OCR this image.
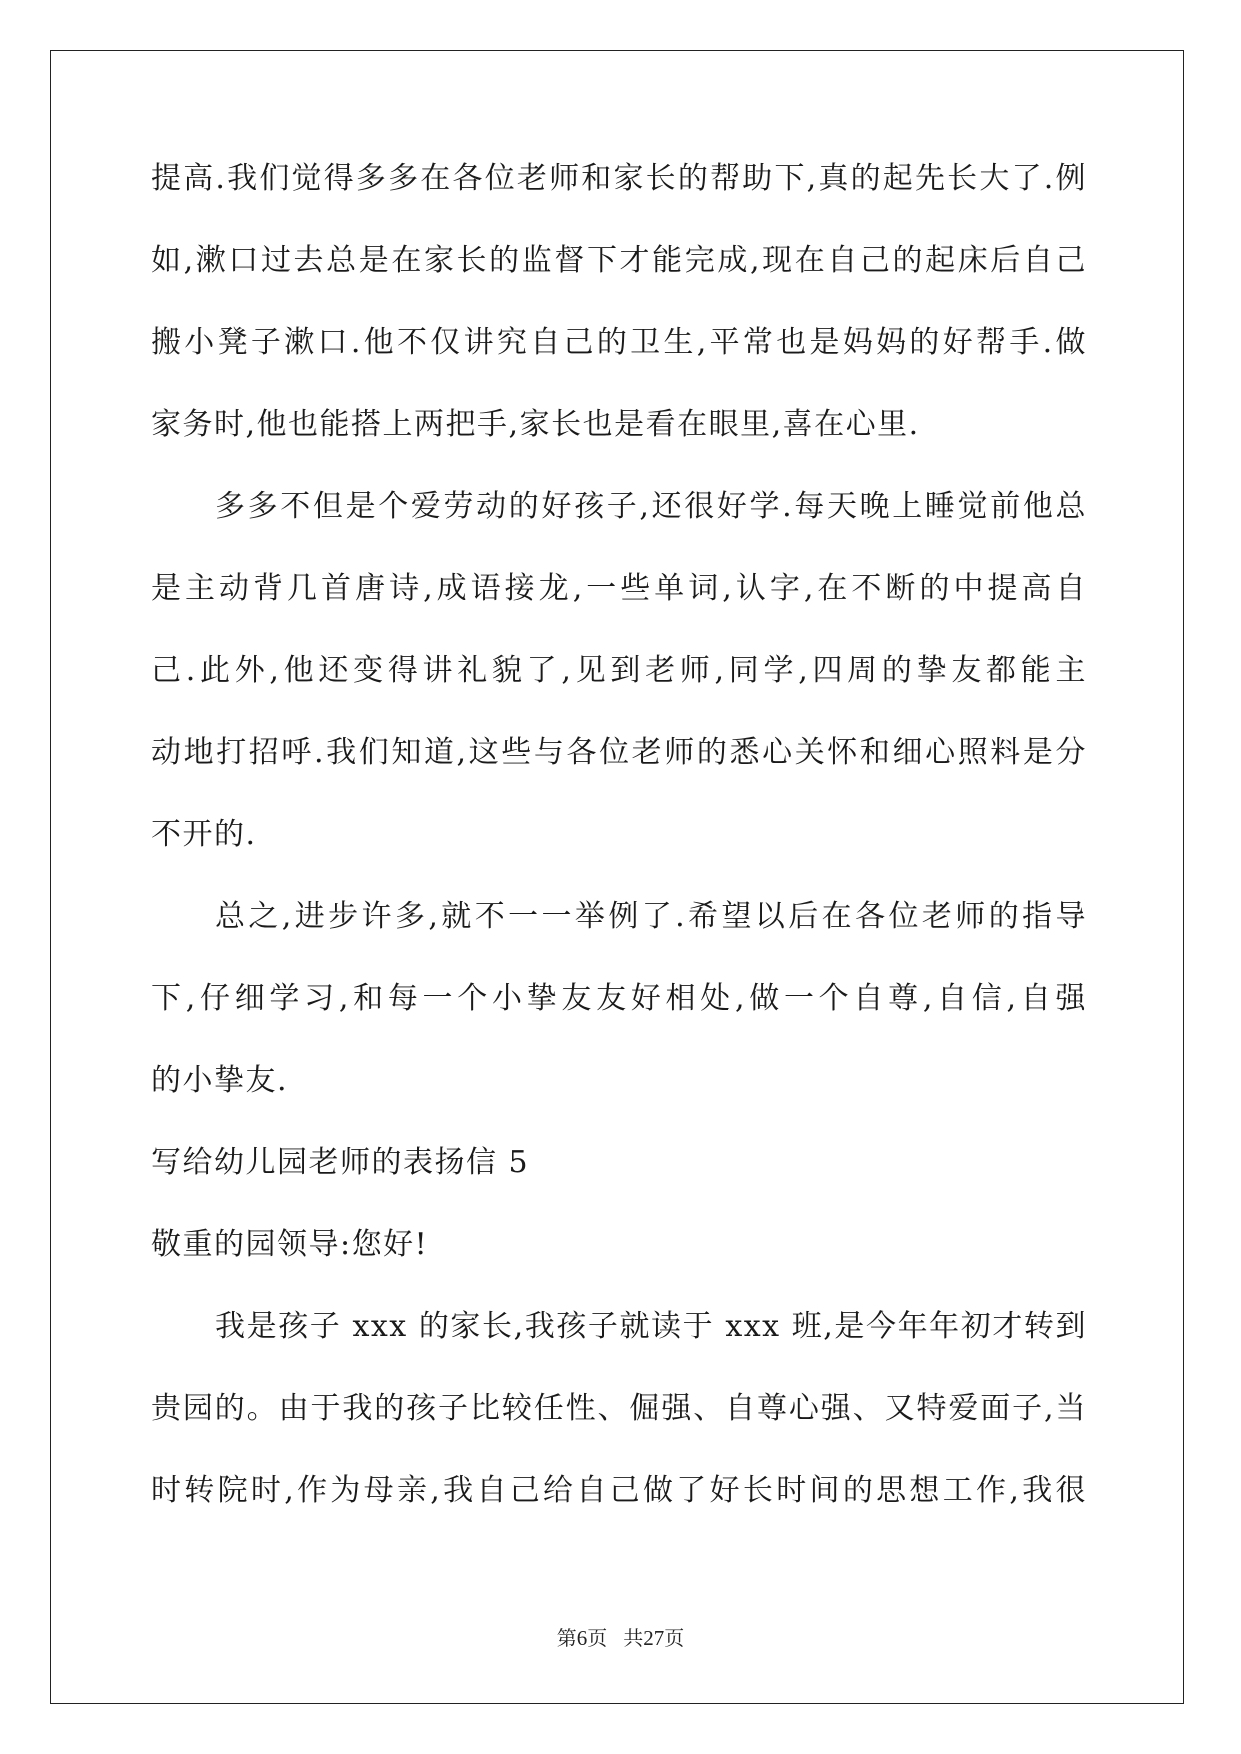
提高.我们觉得多多在各位老师和家长的帮助下,真的起先长大了.例
如,漱口过去总是在家长的监督下才能完成,现在自己的起床后自己
搬小凳子漱口.他不仅讲究自己的卫生,平常也是妈妈的好帮手.做
家务时,他也能搭上两把手,家长也是看在眼里,喜在心里.
多多不但是个爱劳动的好孩子,还很好学.每天晚上睡觉前他总
是主动背几首唐诗,成语接龙,一些单词,认字,在不断的中提高自
己.此外,他还变得讲礼貌了,见到老师,同学,四周的挚友都能主
动地打招呼.我们知道,这些与各位老师的悉心关怀和细心照料是分
不开的.
总之,进步许多,就不一一举例了.希望以后在各位老师的指导
下,仔细学习,和每一个小挚友友好相处,做一个自尊,自信,自强
的小挚友.
写给幼儿园老师的表扬信 5
敬重的园领导:您好!
我是孩子 xxx 的家长,我孩子就读于 xxx 班,是今年年初才转到
贵园的。由于我的孩子比较任性、倔强、自尊心强、又特爱面子,当
时转院时,作为母亲,我自己给自己做了好长时间的思想工作,我很
第6页 共27页
